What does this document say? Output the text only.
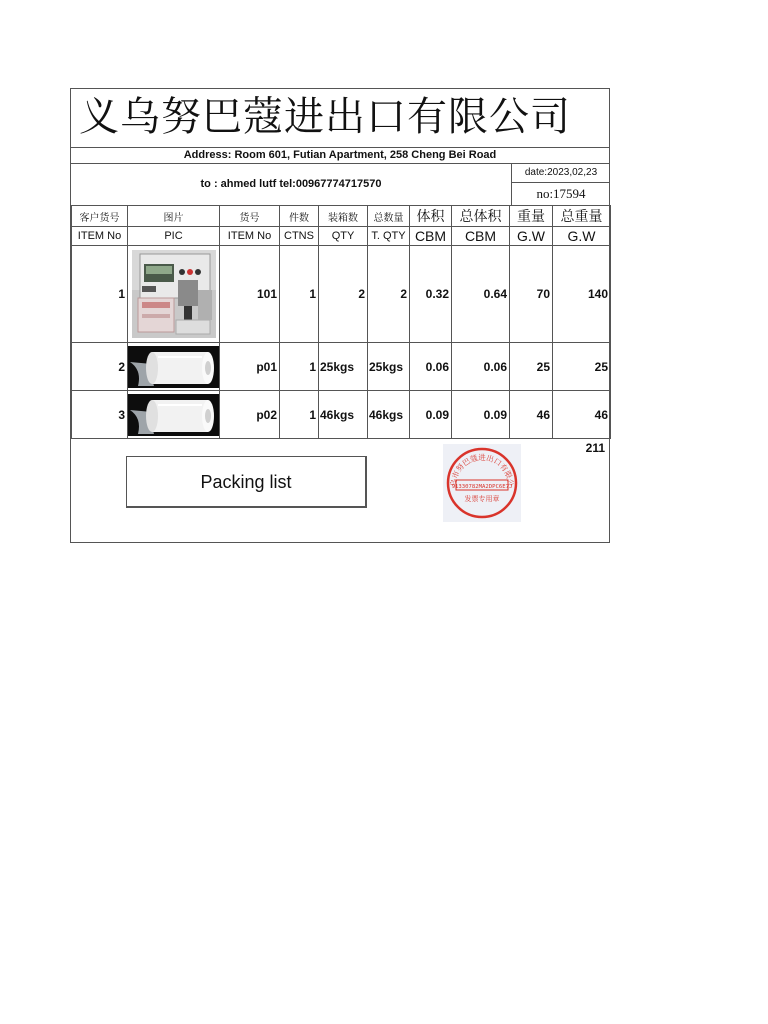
义乌努巴蔻进出口有限公司
Address: Room 601, Futian Apartment, 258 Cheng Bei Road
to : ahmed lutf tel:00967774717570
date:2023,02,23
no:17594
客户货号	图片	货号	件数	装箱数	总数量	体积	总体积	重量	总重量
ITEM No	PIC	ITEM No	CTNS	QTY	T. QTY	CBM	CBM	G.W	G.W
1		101	1	2	2	0.32	0.64	70	140
2		p01	1	25kgs	25kgs	0.06	0.06	25	25
3		p02	1	46kgs	46kgs	0.09	0.09	46	46
211
Packing list	乌市努巴蔻进出口有限公
91330782MA2DPC6E7J
发票专用章
